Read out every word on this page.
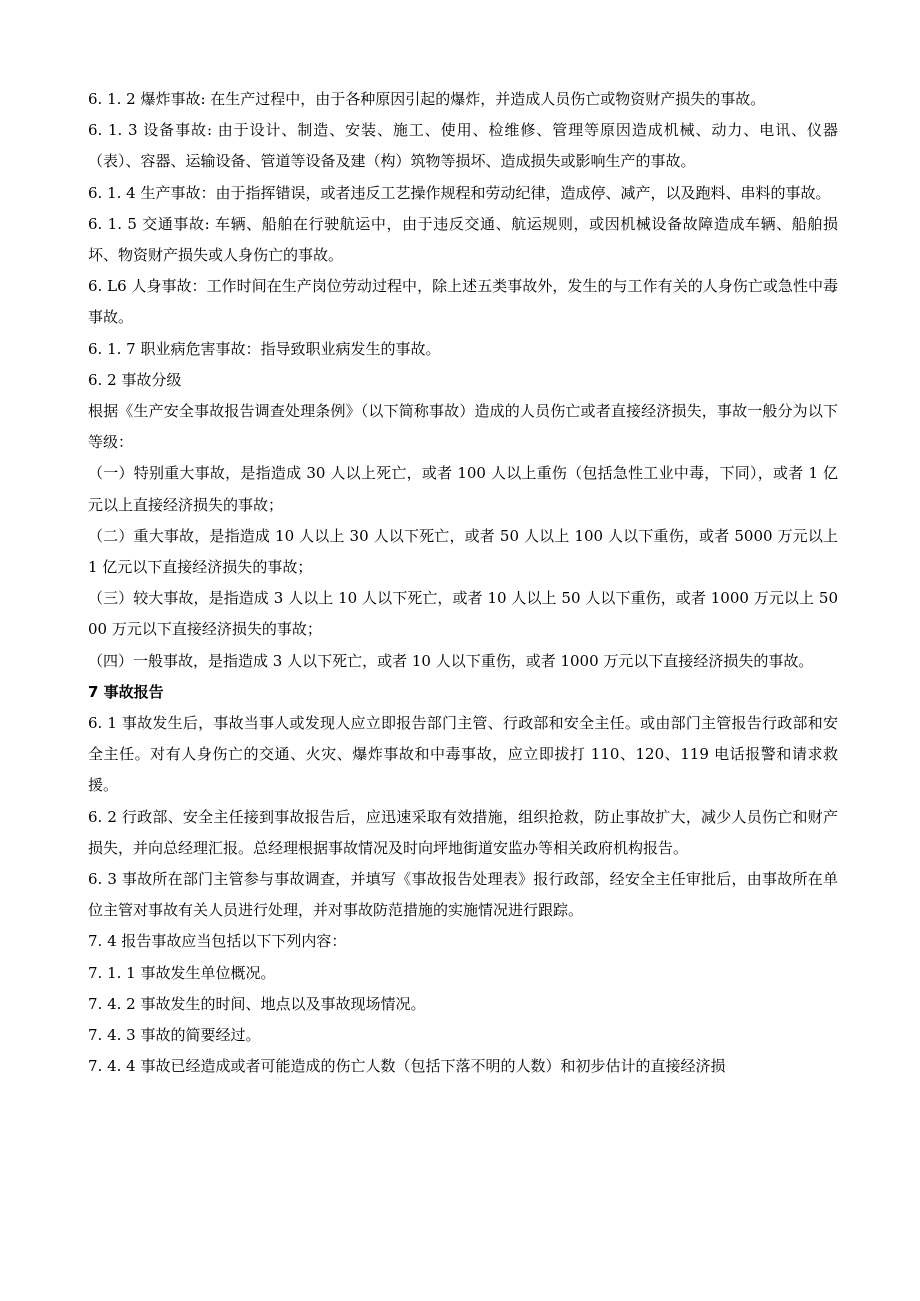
6. 1. 2 爆炸事故: 在生产过程中，由于各种原因引起的爆炸，并造成人员伤亡或物资财产损失的事故。

6. 1. 3 设备事故: 由于设计、制造、安装、施工、使用、检维修、管理等原因造成机械、动力、电讯、仪器（表）、容器、运输设备、管道等设备及建（构）筑物等损坏、造成损失或影响生产的事故。

6. 1. 4 生产事故：由于指挥错误，或者违反工艺操作规程和劳动纪律，造成停、减产，以及跑料、串料的事故。

6. 1. 5 交通事故: 车辆、船舶在行驶航运中，由于违反交通、航运规则，或因机械设备故障造成车辆、船舶损坏、物资财产损失或人身伤亡的事故。

6. L6 人身事故：工作时间在生产岗位劳动过程中，除上述五类事故外，发生的与工作有关的人身伤亡或急性中毒事故。

6. 1. 7 职业病危害事故：指导致职业病发生的事故。

6. 2 事故分级

根据《生产安全事故报告调查处理条例》（以下简称事故）造成的人员伤亡或者直接经济损失，事故一般分为以下等级：

（一）特别重大事故，是指造成 30 人以上死亡，或者 100 人以上重伤（包括急性工业中毒，下同），或者 1 亿元以上直接经济损失的事故；

（二）重大事故，是指造成 10 人以上 30 人以下死亡，或者 50 人以上 100 人以下重伤，或者 5000 万元以上 1 亿元以下直接经济损失的事故；

（三）较大事故，是指造成 3 人以上 10 人以下死亡，或者 10 人以上 50 人以下重伤，或者 1000 万元以上 5000 万元以下直接经济损失的事故；

（四）一般事故，是指造成 3 人以下死亡，或者 10 人以下重伤，或者 1000 万元以下直接经济损失的事故。

7 事故报告

6. 1 事故发生后，事故当事人或发现人应立即报告部门主管、行政部和安全主任。或由部门主管报告行政部和安全主任。对有人身伤亡的交通、火灾、爆炸事故和中毒事故，应立即拔打 110、120、119 电话报警和请求救援。

6. 2 行政部、安全主任接到事故报告后，应迅速采取有效措施，组织抢救，防止事故扩大，减少人员伤亡和财产损失，并向总经理汇报。总经理根据事故情况及时向坪地街道安监办等相关政府机构报告。

6. 3 事故所在部门主管参与事故调查，并填写《事故报告处理表》报行政部，经安全主任审批后，由事故所在单位主管对事故有关人员进行处理，并对事故防范措施的实施情况进行跟踪。

7. 4 报告事故应当包括以下下列内容：

7. 1. 1 事故发生单位概况。

7. 4. 2 事故发生的时间、地点以及事故现场情况。

7. 4. 3 事故的简要经过。

7. 4. 4 事故已经造成或者可能造成的伤亡人数（包括下落不明的人数）和初步估计的直接经济损
